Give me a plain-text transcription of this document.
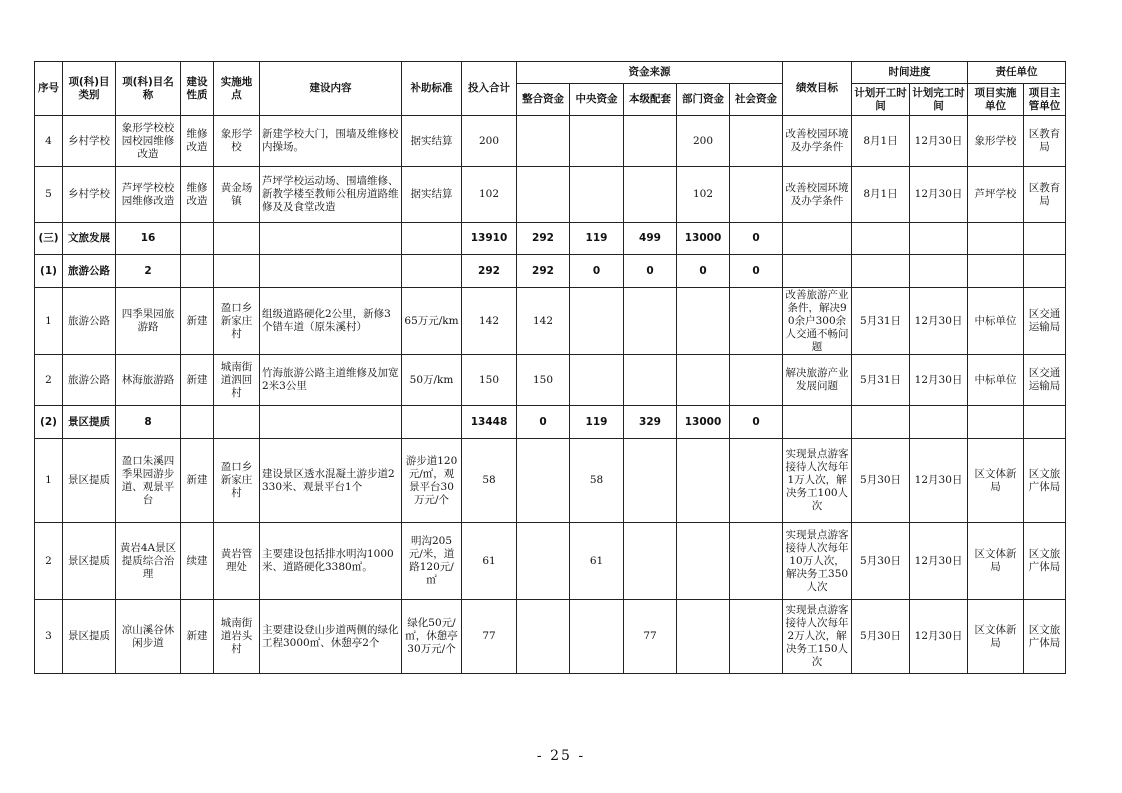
序号	项(科)目类别	项(科)目名称	建设性质	实施地点	建设内容	补助标准	投入合计	资金来源					绩效目标	时间进度		责任单位	
								整合资金	中央资金	本级配套	部门资金	社会资金		计划开工时间	计划完工时间	项目实施单位	项目主管单位
4	乡村学校	象形学校校园校园维修改造	维修改造	象形学校	新建学校大门，围墙及维修校内操场。	据实结算	200				200		改善校园环境及办学条件	8月1日	12月30日	象形学校	区教育局
5	乡村学校	芦坪学校校园维修改造	维修改造	黄金场镇	芦坪学校运动场、围墙维修、新教学楼至教师公租房道路维修及及食堂改造	据实结算	102				102		改善校园环境及办学条件	8月1日	12月30日	芦坪学校	区教育局
(三)	文旅发展	16					13910	292	119	499	13000	0					
(1)	旅游公路	2					292	292	0	0	0	0					
1	旅游公路	四季果园旅游路	新建	盈口乡新家庄村	组级道路硬化2公里，新修3个错车道（原朱溪村）	65万元/km	142	142					改善旅游产业条件，解决90余户300余人交通不畅问题	5月31日	12月30日	中标单位	区交通运输局
2	旅游公路	林海旅游路	新建	城南街道泗回村	竹海旅游公路主道维修及加宽2米3公里	50万/km	150	150					解决旅游产业发展问题	5月31日	12月30日	中标单位	区交通运输局
(2)	景区提质	8					13448	0	119	329	13000	0					
1	景区提质	盈口朱溪四季果园游步道、观景平台	新建	盈口乡新家庄村	建设景区透水混凝土游步道2330米、观景平台1个	游步道120元/㎡，观景平台30万元/个	58		58				实现景点游客接待人次每年1万人次，解决务工100人次	5月30日	12月30日	区文体新局	区文旅广体局
2	景区提质	黄岩4A景区提质综合治理	续建	黄岩管理处	主要建设包括排水明沟1000米、道路硬化3380㎡。	明沟205元/米，道路120元/㎡	61		61				实现景点游客接待人次每年10万人次，解决务工350人次	5月30日	12月30日	区文体新局	区文旅广体局
3	景区提质	凉山溪谷休闲步道	新建	城南街道岩头村	主要建设登山步道两侧的绿化工程3000㎡、休憩亭2个	绿化50元/㎡，休憩亭30万元/个	77			77			实现景点游客接待人次每年2万人次，解决务工150人次	5月30日	12月30日	区文体新局	区文旅广体局
- 25 -
